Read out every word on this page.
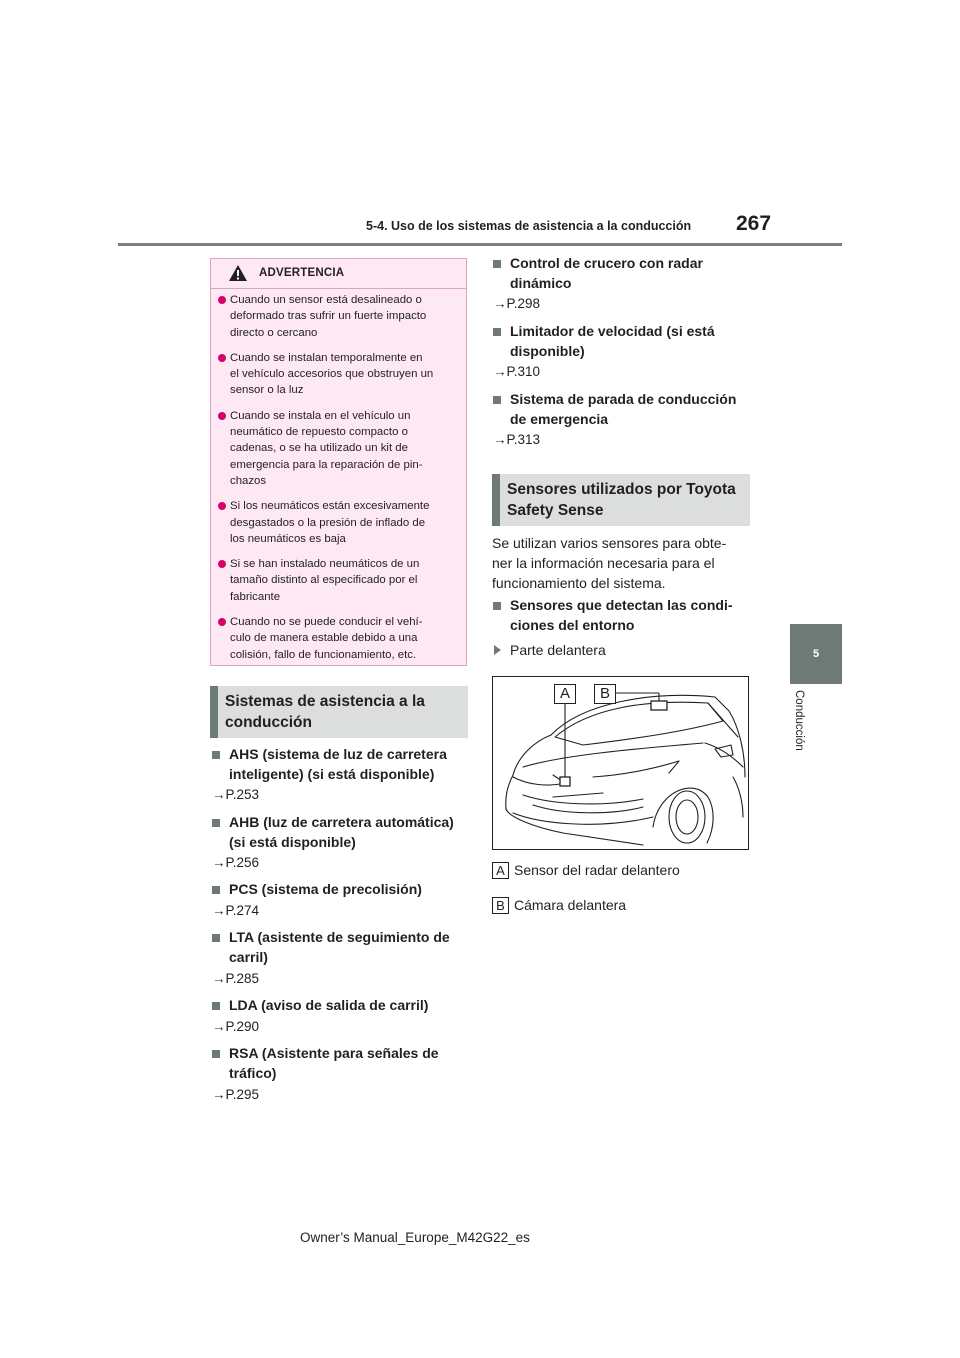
5-4. Uso de los sistemas de asistencia a la conducción 267
5
Conducción
ADVERTENCIA
Cuando un sensor está desalineado o
deformado tras sufrir un fuerte impacto
directo o cercano
Cuando se instalan temporalmente en
el vehículo accesorios que obstruyen un
sensor o la luz
Cuando se instala en el vehículo un
neumático de repuesto compacto o
cadenas, o se ha utilizado un kit de
emergencia para la reparación de pin-
chazos
Si los neumáticos están excesivamente
desgastados o la presión de inflado de
los neumáticos es baja
Si se han instalado neumáticos de un
tamaño distinto al especificado por el
fabricante
Cuando no se puede conducir el vehí-
culo de manera estable debido a una
colisión, fallo de funcionamiento, etc.
Sistemas de asistencia a la
conducción
AHS (sistema de luz de carretera
inteligente) (si está disponible)
→P.253
AHB (luz de carretera automática)
(si está disponible)
→P.256
PCS (sistema de precolisión)
→P.274
LTA (asistente de seguimiento de
carril)
→P.285
LDA (aviso de salida de carril)
→P.290
RSA (Asistente para señales de
tráfico)
→P.295
Control de crucero con radar
dinámico
→P.298
Limitador de velocidad (si está
disponible)
→P.310
Sistema de parada de conducción
de emergencia
→P.313
Sensores utilizados por Toyota
Safety Sense
Se utilizan varios sensores para obte-
ner la información necesaria para el
funcionamiento del sistema.
Sensores que detectan las condi-
ciones del entorno
Parte delantera
A	B
A Sensor del radar delantero
B Cámara delantera
Owner’s Manual_Europe_M42G22_es
